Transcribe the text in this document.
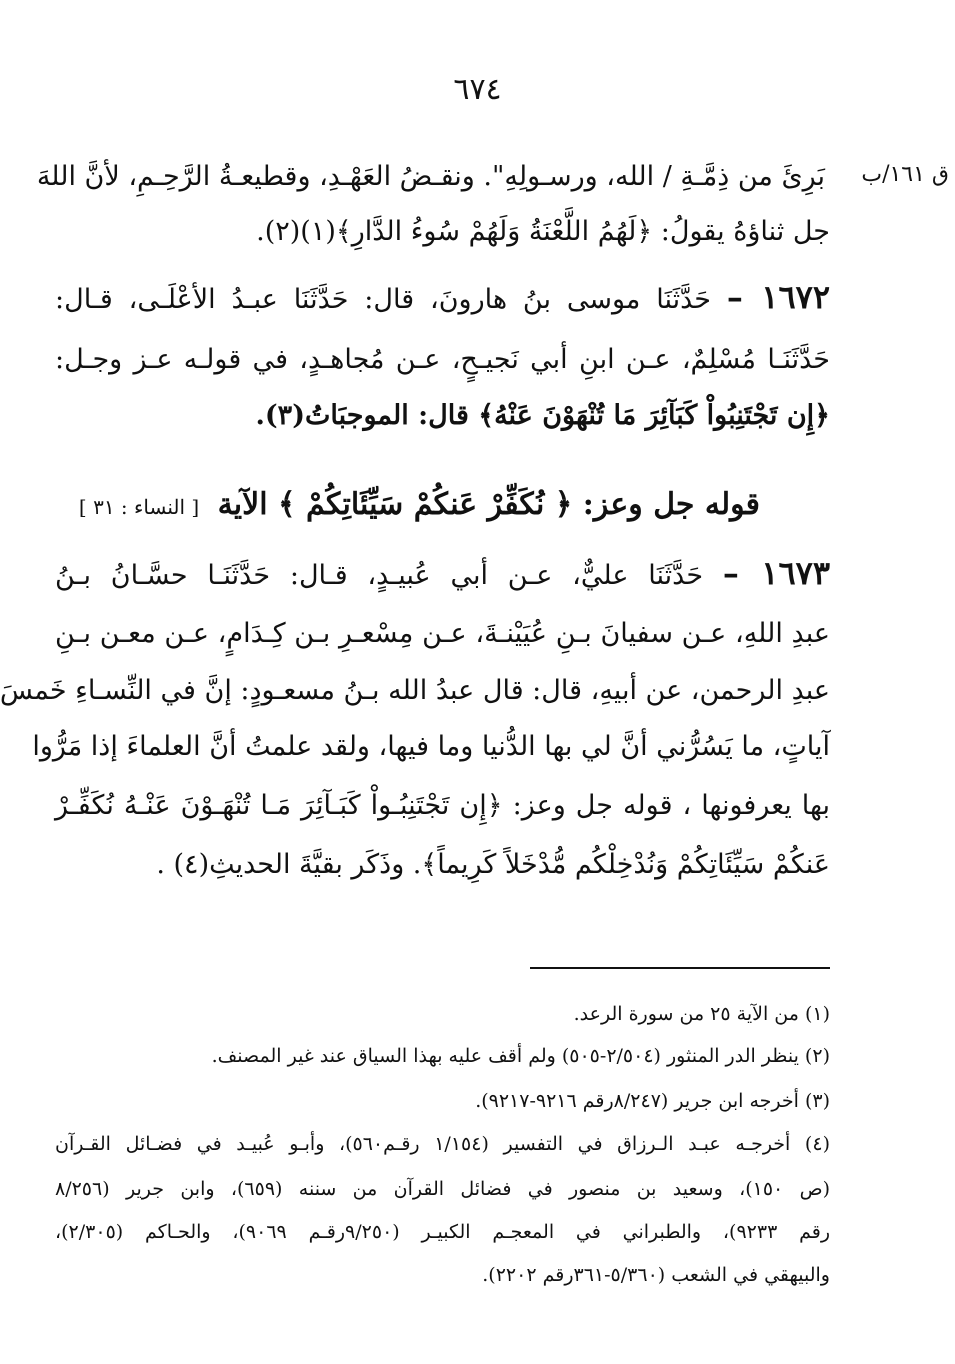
٦٧٤
ق ١٦١/ب
بَرِئَ من ذِمَّـةِ / الله، ورسـولِهِ". ونقـضُ العَهْـدِ، وقطيعـةُ الرَّحِـمِ، لأنَّ اللهَ
جل ثناؤهُ يقولُ: ﴿لَهُمُ اللَّعْنَةُ وَلَهُمْ سُوءُ الدَّارِ﴾(١)(٢).
١٦٧٢ – حَدَّثَنَا موسى بنُ هارونَ، قال: حَدَّثَنَا عبـدُ الأعْلَـى، قـال:
حَدَّثَنَـا مُسْلِمٌ، عـن ابنِ أبي نَجيـحٍ، عـن مُجاهـدٍ، في قولـه عـز وجـل:
﴿إِن تَجْتَنِبُواْ كَبَآئِرَ مَا تُنْهَوْنَ عَنْهُ﴾ قال: الموجبَاتُ(٣).
قوله جل وعز: ﴿ نُكَفِّرْ عَنكُمْ سَيِّئَاتِكُمْ ﴾ الآية [ النساء : ٣١ ]
١٦٧٣ – حَدَّثَنَا عليٌّ، عـن أبي عُبيـدٍ، قـال: حَدَّثَنَـا حسَّـانُ بـنُ
عبدِ اللهِ، عـن سفيانَ بـنِ عُيَيْنـةَ، عـن مِسْعـرِ بـن كِـدَامٍ، عـن معـن بـنِ
عبدِ الرحمن، عن أبيهِ، قال: قال عبدُ الله بـنُ مسعـودٍ: إنَّ في النِّسـاءِ خَمسَ
آياتٍ، ما يَسُرُّني أنَّ لي بها الدُّنيا وما فيها، ولقد علمتُ أنَّ العلماءَ إذا مَرُّوا
بها يعرفونها ، قوله جل وعز: ﴿إِن تَجْتَنِبُـواْ كَبَـآئِرَ مَـا تُنْهَـوْنَ عَنْـهُ نُكَفِّـرْ
عَنكُمْ سَيِّئَاتِكُمْ وَنُدْخِلْكُم مُّدْخَلاً كَرِيماً﴾. وذَكَر بقيَّةَ الحديثِ(٤) .
(١) من الآية ٢٥ من سورة الرعد.
(٢) ينظر الدر المنثور (٢/٥٠٤-٥٠٥) ولم أقف عليه بهذا السياق عند غير المصنف.
(٣) أخرجه ابن جرير (٨/٢٤٧رقم ٩٢١٦-٩٢١٧).
(٤) أخرجـه عبـد الـرزاق في التفسير (١/١٥٤ رقـم٥٦٠)، وأبـو عُبيـد في فضـائل القـرآن
(ص ١٥٠)، وسعيد بن منصور في فضائل القرآن من سننه (٦٥٩)، وابن جرير (٨/٢٥٦
رقم ٩٢٣٣)، والطبراني في المعجـم الكبيـر (٩/٢٥٠رقـم ٩٠٦٩)، والحـاكم (٢/٣٠٥)،
والبيهقي في الشعب (٥/٣٦٠-٣٦١رقم ٢٢٠٢).
